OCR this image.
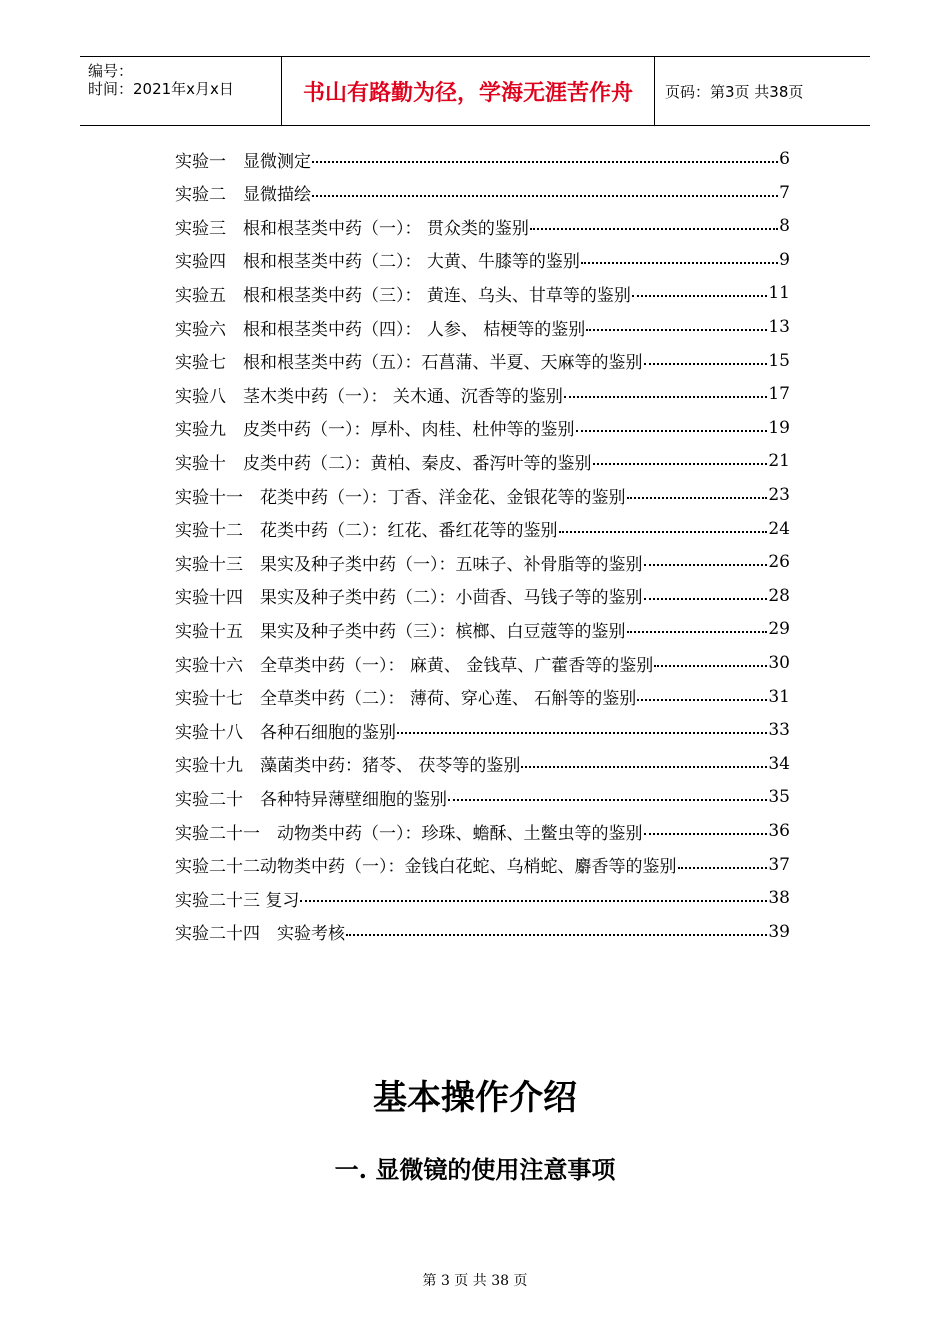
编号：
时间：2021年x月x日	书山有路勤为径，学海无涯苦作舟	页码：第3页 共38页
实验一　显微测定	6
实验二　显微描绘	7
实验三　根和根茎类中药（一）： 贯众类的鉴别	8
实验四　根和根茎类中药（二）： 大黄、牛膝等的鉴别	9
实验五　根和根茎类中药（三）： 黄连、乌头、甘草等的鉴别	11
实验六　根和根茎类中药（四）： 人参、 桔梗等的鉴别	13
实验七　根和根茎类中药（五）：石菖蒲、半夏、天麻等的鉴别	15
实验八　茎木类中药（一）： 关木通、沉香等的鉴别	17
实验九　皮类中药（一）：厚朴、肉桂、杜仲等的鉴别	19
实验十　皮类中药（二）：黄柏、秦皮、番泻叶等的鉴别	21
实验十一　花类中药（一）：丁香、洋金花、金银花等的鉴别	23
实验十二　花类中药（二）：红花、番红花等的鉴别	24
实验十三　果实及种子类中药（一）：五味子、补骨脂等的鉴别	26
实验十四　果实及种子类中药（二）：小茴香、马钱子等的鉴别	28
实验十五　果实及种子类中药（三）：槟榔、白豆蔻等的鉴别	29
实验十六　全草类中药（一）： 麻黄、 金钱草、广藿香等的鉴别	30
实验十七　全草类中药（二）： 薄荷、穿心莲、 石斛等的鉴别	31
实验十八　各种石细胞的鉴别	33
实验十九　藻菌类中药：猪苓、 茯苓等的鉴别	34
实验二十　各种特异薄壁细胞的鉴别	35
实验二十一　动物类中药（一）：珍珠、蟾酥、土鳖虫等的鉴别	36
实验二十二动物类中药（一）：金钱白花蛇、乌梢蛇、麝香等的鉴别	37
实验二十三 复习	38
实验二十四　实验考核	39
基本操作介绍
一. 显微镜的使用注意事项
第 3 页 共 38 页
